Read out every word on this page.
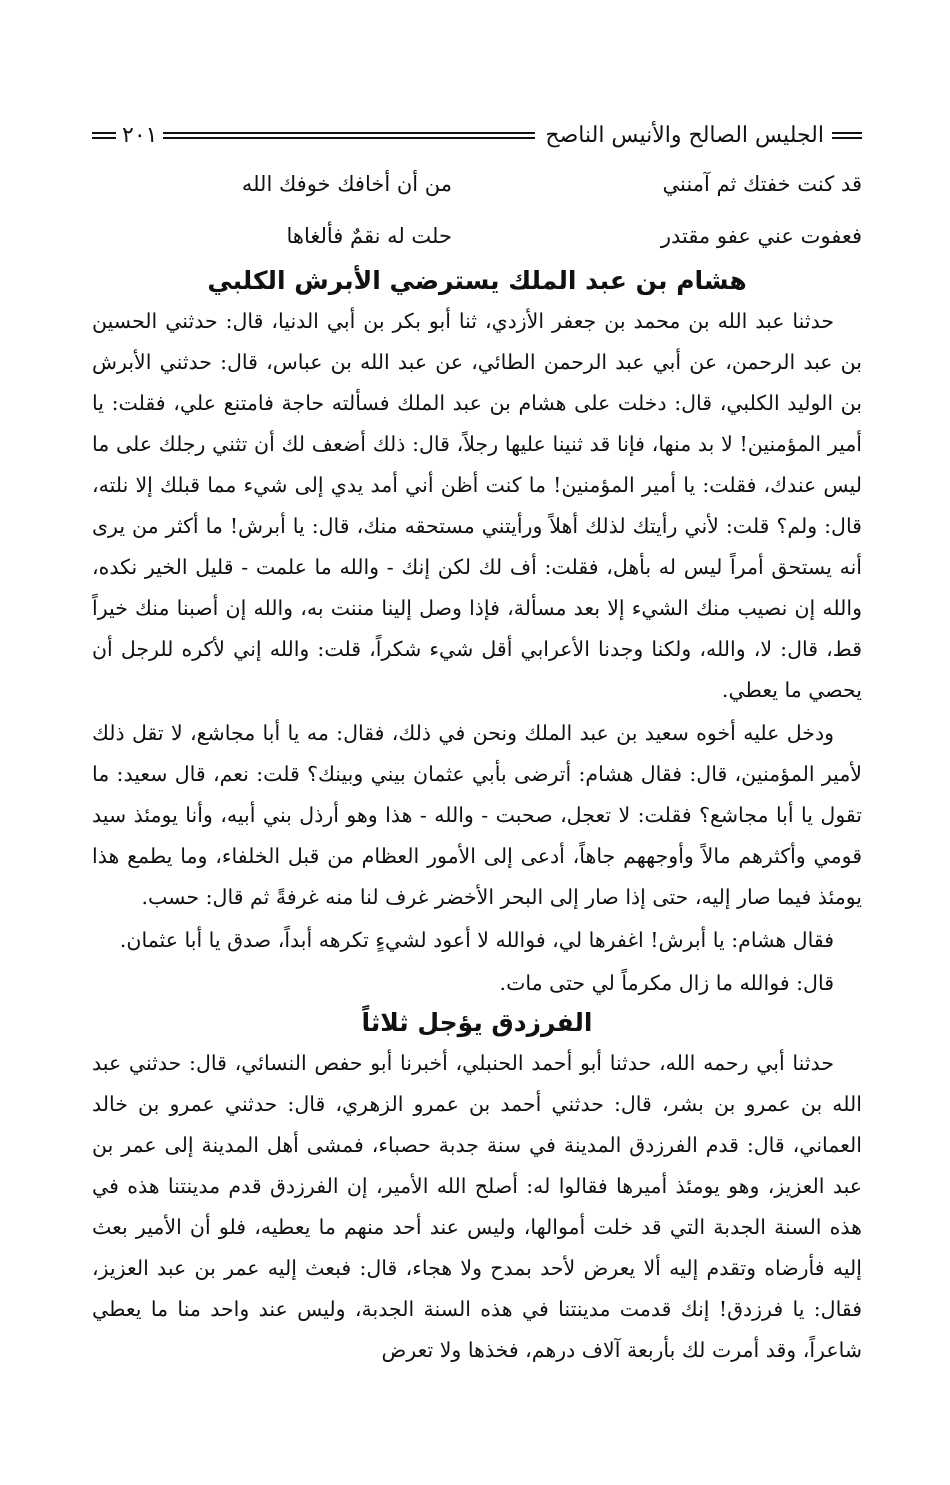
الجليس الصالح والأنيس الناصح
٢٠١
قد كنت خفتك ثم آمنني
من أن أخافك خوفك الله
فعفوت عني عفو مقتدر
حلت له نقمٌ فألغاها
هشام بن عبد الملك يسترضي الأبرش الكلبي

حدثنا عبد الله بن محمد بن جعفر الأزدي، ثنا أبو بكر بن أبي الدنيا، قال: حدثني الحسين بن عبد الرحمن، عن أبي عبد الرحمن الطائي، عن عبد الله بن عباس، قال: حدثني الأبرش بن الوليد الكلبي، قال: دخلت على هشام بن عبد الملك فسألته حاجة فامتنع علي، فقلت: يا أمير المؤمنين! لا بد منها، فإنا قد ثنينا عليها رجلاً، قال: ذلك أضعف لك أن تثني رجلك على ما ليس عندك، فقلت: يا أمير المؤمنين! ما كنت أظن أني أمد يدي إلى شيء مما قبلك إلا نلته، قال: ولم؟ قلت: لأني رأيتك لذلك أهلاً ورأيتني مستحقه منك، قال: يا أبرش! ما أكثر من يرى أنه يستحق أمراً ليس له بأهل، فقلت: أف لك لكن إنك - والله ما علمت - قليل الخير نكده، والله إن نصيب منك الشيء إلا بعد مسألة، فإذا وصل إلينا مننت به، والله إن أصبنا منك خيراً قط، قال: لا، والله، ولكنا وجدنا الأعرابي أقل شيء شكراً، قلت: والله إني لأكره للرجل أن يحصي ما يعطي.

ودخل عليه أخوه سعيد بن عبد الملك ونحن في ذلك، فقال: مه يا أبا مجاشع، لا تقل ذلك لأمير المؤمنين، قال: فقال هشام: أترضى بأبي عثمان بيني وبينك؟ قلت: نعم، قال سعيد: ما تقول يا أبا مجاشع؟ فقلت: لا تعجل، صحبت - والله - هذا وهو أرذل بني أبيه، وأنا يومئذ سيد قومي وأكثرهم مالاً وأوجههم جاهاً، أدعى إلى الأمور العظام من قبل الخلفاء، وما يطمع هذا يومئذ فيما صار إليه، حتى إذا صار إلى البحر الأخضر غرف لنا منه غرفةً ثم قال: حسب.

فقال هشام: يا أبرش! اغفرها لي، فوالله لا أعود لشيءٍ تكرهه أبداً، صدق يا أبا عثمان.

قال: فوالله ما زال مكرماً لي حتى مات.

الفرزدق يؤجل ثلاثاً

حدثنا أبي رحمه الله، حدثنا أبو أحمد الحنبلي، أخبرنا أبو حفص النسائي، قال: حدثني عبد الله بن عمرو بن بشر، قال: حدثني أحمد بن عمرو الزهري، قال: حدثني عمرو بن خالد العماني، قال: قدم الفرزدق المدينة في سنة جدبة حصباء، فمشى أهل المدينة إلى عمر بن عبد العزيز، وهو يومئذ أميرها فقالوا له: أصلح الله الأمير، إن الفرزدق قدم مدينتنا هذه في هذه السنة الجدبة التي قد خلت أموالها، وليس عند أحد منهم ما يعطيه، فلو أن الأمير بعث إليه فأرضاه وتقدم إليه ألا يعرض لأحد بمدح ولا هجاء، قال: فبعث إليه عمر بن عبد العزيز، فقال: يا فرزدق! إنك قدمت مدينتنا في هذه السنة الجدبة، وليس عند واحد منا ما يعطي شاعراً، وقد أمرت لك بأربعة آلاف درهم، فخذها ولا تعرض
